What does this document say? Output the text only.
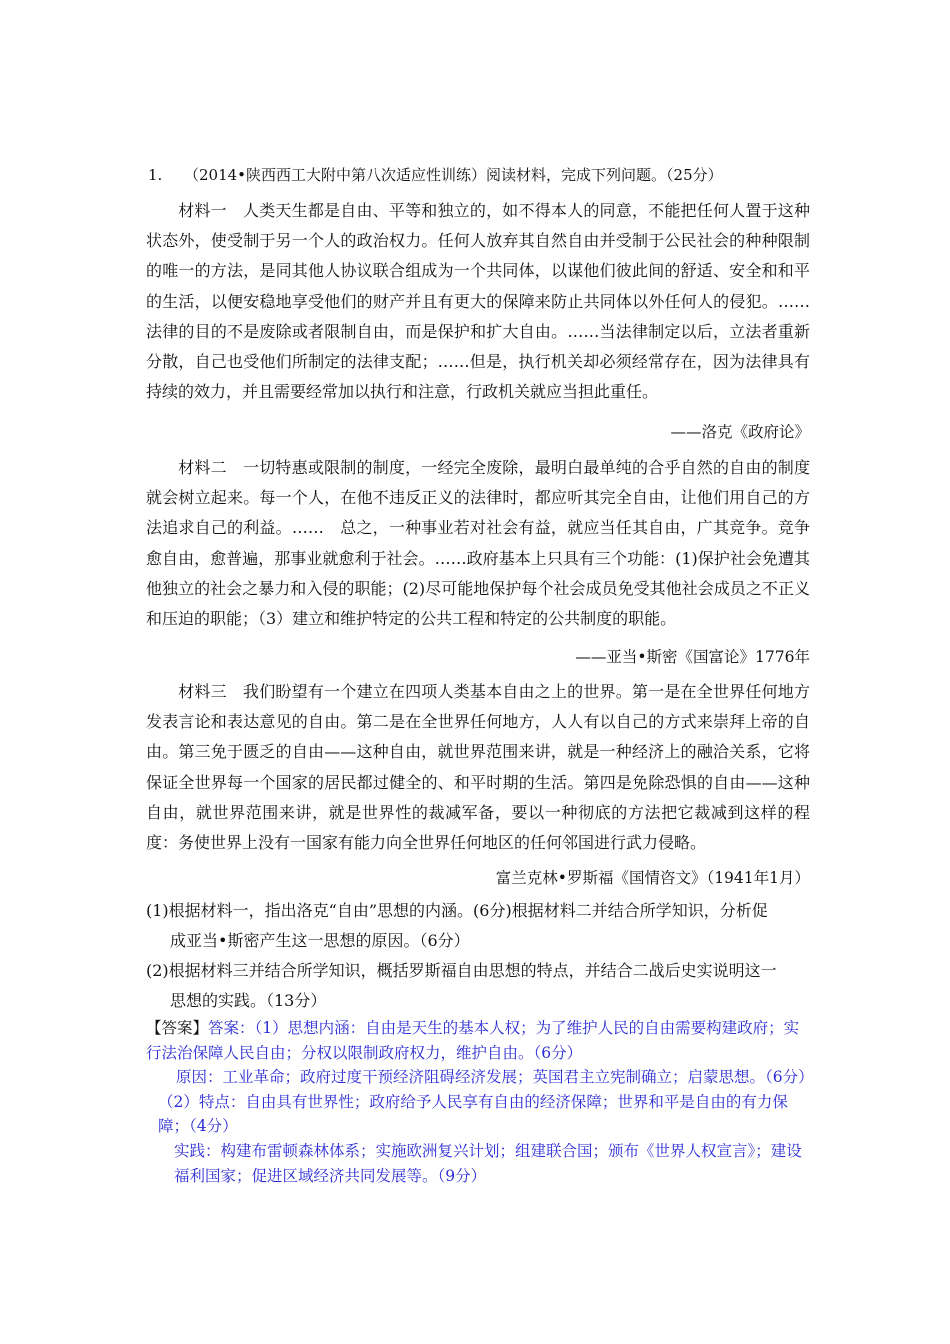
1. （2014•陕西西工大附中第八次适应性训练）阅读材料，完成下列问题。（25分）
材料一　人类天生都是自由、平等和独立的，如不得本人的同意，不能把任何人置于这种状态外，使受制于另一个人的政治权力。任何人放弃其自然自由并受制于公民社会的种种限制的唯一的方法，是同其他人协议联合组成为一个共同体，以谋他们彼此间的舒适、安全和和平的生活，以便安稳地享受他们的财产并且有更大的保障来防止共同体以外任何人的侵犯。……法律的目的不是废除或者限制自由，而是保护和扩大自由。……当法律制定以后，立法者重新分散，自己也受他们所制定的法律支配；……但是，执行机关却必须经常存在，因为法律具有持续的效力，并且需要经常加以执行和注意，行政机关就应当担此重任。
——洛克《政府论》
材料二　一切特惠或限制的制度，一经完全废除，最明白最单纯的合乎自然的自由的制度就会树立起来。每一个人，在他不违反正义的法律时，都应听其完全自由，让他们用自己的方法追求自己的利益。……　总之，一种事业若对社会有益，就应当任其自由，广其竞争。竞争愈自由，愈普遍，那事业就愈利于社会。……政府基本上只具有三个功能：(1)保护社会免遭其他独立的社会之暴力和入侵的职能；(2)尽可能地保护每个社会成员免受其他社会成员之不正义和压迫的职能；（3）建立和维护特定的公共工程和特定的公共制度的职能。
——亚当•斯密《国富论》1776年
材料三　我们盼望有一个建立在四项人类基本自由之上的世界。第一是在全世界任何地方发表言论和表达意见的自由。第二是在全世界任何地方，人人有以自己的方式来崇拜上帝的自由。第三免于匮乏的自由——这种自由，就世界范围来讲，就是一种经济上的融洽关系，它将保证全世界每一个国家的居民都过健全的、和平时期的生活。第四是免除恐惧的自由——这种自由，就世界范围来讲，就是世界性的裁减军备，要以一种彻底的方法把它裁减到这样的程度：务使世界上没有一国家有能力向全世界任何地区的任何邻国进行武力侵略。
富兰克林•罗斯福《国情咨文》（1941年1月）
(1)根据材料一，指出洛克“自由”思想的内涵。(6分)根据材料二并结合所学知识，分析促
成亚当•斯密产生这一思想的原因。（6分）
(2)根据材料三并结合所学知识，概括罗斯福自由思想的特点，并结合二战后史实说明这一
思想的实践。（13分）
【答案】答案：（1）思想内涵：自由是天生的基本人权；为了维护人民的自由需要构建政府；实行法治保障人民自由；分权以限制政府权力，维护自由。（6分）
原因：工业革命；政府过度干预经济阻碍经济发展；英国君主立宪制确立；启蒙思想。（6分）
（2）特点：自由具有世界性；政府给予人民享有自由的经济保障；世界和平是自由的有力保障；（4分）
实践：构建布雷顿森林体系；实施欧洲复兴计划；组建联合国；颁布《世界人权宣言》；建设福利国家；促进区域经济共同发展等。（9分）
